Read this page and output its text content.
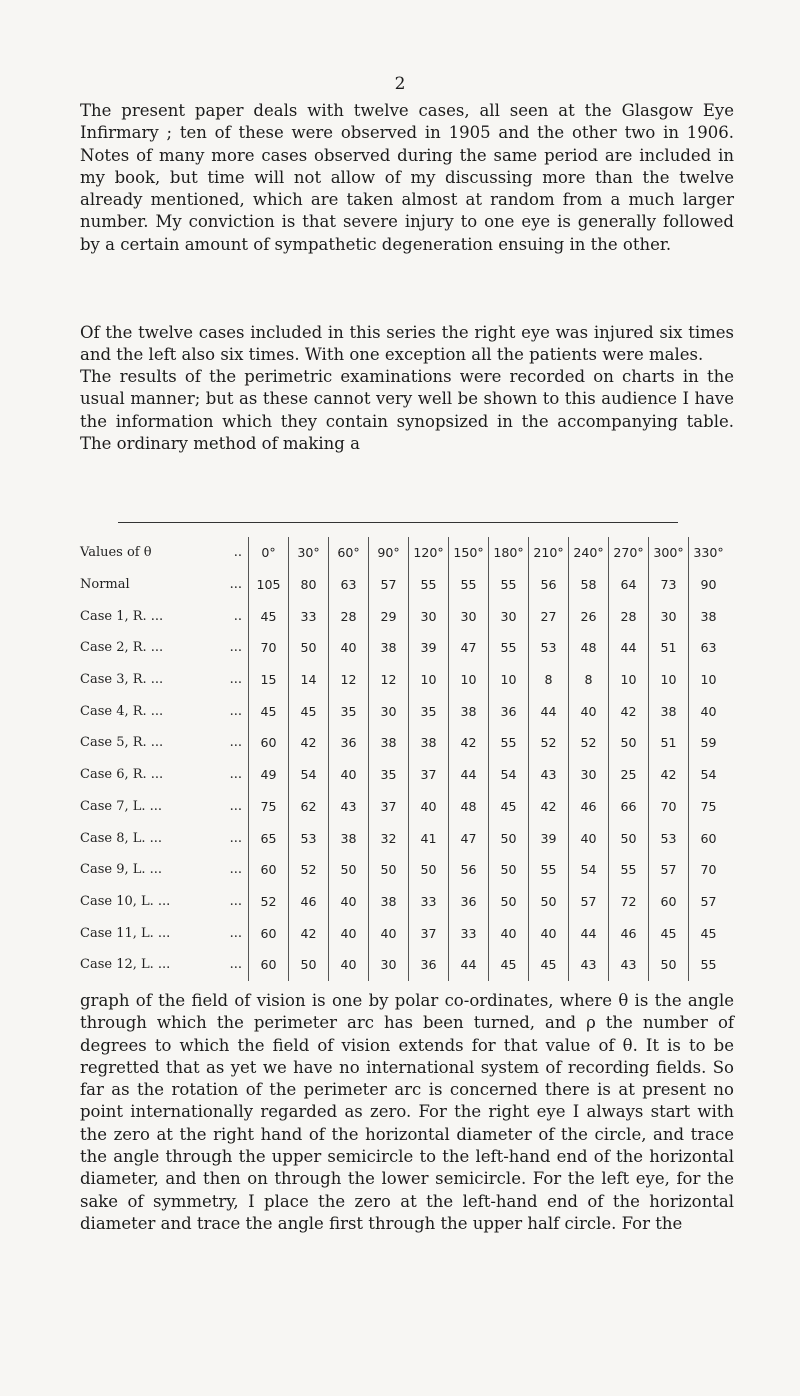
2

The present paper deals with twelve cases, all seen at the Glasgow Eye Infirmary ; ten of these were observed in 1905 and the other two in 1906. Notes of many more cases observed during the same period are included in my book, but time will not allow of my discussing more than the twelve already mentioned, which are taken almost at random from a much larger number. My conviction is that severe injury to one eye is generally followed by a certain amount of sympathetic degeneration ensuing in the other.

Of the twelve cases included in this series the right eye was injured six times and the left also six times. With one exception all the patients were males.

The results of the perimetric examinations were recorded on charts in the usual manner; but as these cannot very well be shown to this audience I have the information which they contain synopsized in the accompanying table. The ordinary method of making a

..
Values of θ	0°	30°	60°	90°	120°	150°	180°	210°	240°	270°	300°	330°

...
Normal	105	80	63	57	55	55	55	56	58	64	73	90

..
Case 1, R. ...	45	33	28	29	30	30	30	27	26	28	30	38

...
Case 2, R. ...	70	50	40	38	39	47	55	53	48	44	51	63

...
Case 3, R. ...	15	14	12	12	10	10	10	8	8	10	10	10

...
Case 4, R. ...	45	45	35	30	35	38	36	44	40	42	38	40

...
Case 5, R. ...	60	42	36	38	38	42	55	52	52	50	51	59

...
Case 6, R. ...	49	54	40	35	37	44	54	43	30	25	42	54

...
Case 7, L. ...	75	62	43	37	40	48	45	42	46	66	70	75

...
Case 8, L. ...	65	53	38	32	41	47	50	39	40	50	53	60

...
Case 9, L. ...	60	52	50	50	50	56	50	55	54	55	57	70

...
Case 10, L. ...	52	46	40	38	33	36	50	50	57	72	60	57

...
Case 11, L. ...	60	42	40	40	37	33	40	40	44	46	45	45

...
Case 12, L. ...	60	50	40	30	36	44	45	45	43	43	50	55

graph of the field of vision is one by polar co-ordinates, where θ is the angle through which the perimeter arc has been turned, and ρ the number of degrees to which the field of vision extends for that value of θ. It is to be regretted that as yet we have no international system of recording fields. So far as the rotation of the perimeter arc is concerned there is at present no point internationally regarded as zero. For the right eye I always start with the zero at the right hand of the horizontal diameter of the circle, and trace the angle through the upper semicircle to the left-hand end of the horizontal diameter, and then on through the lower semicircle. For the left eye, for the sake of symmetry, I place the zero at the left-hand end of the horizontal diameter and trace the angle first through the upper half circle. For the
